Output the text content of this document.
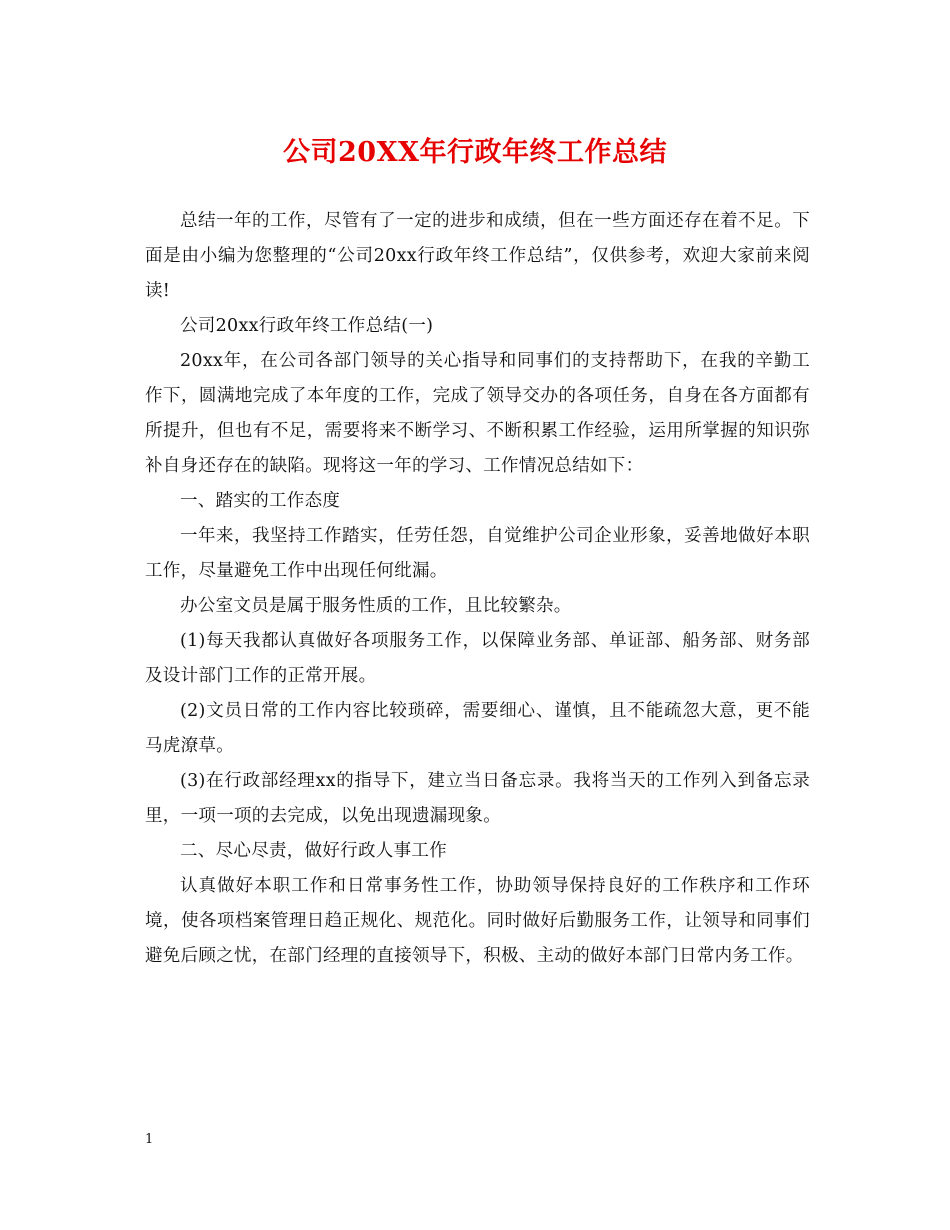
公司20XX年行政年终工作总结

总结一年的工作，尽管有了一定的进步和成绩，但在一些方面还存在着不足。下面是由小编为您整理的“公司20xx行政年终工作总结”，仅供参考，欢迎大家前来阅读!

公司20xx行政年终工作总结(一)

20xx年，在公司各部门领导的关心指导和同事们的支持帮助下，在我的辛勤工作下，圆满地完成了本年度的工作，完成了领导交办的各项任务，自身在各方面都有所提升，但也有不足，需要将来不断学习、不断积累工作经验，运用所掌握的知识弥补自身还存在的缺陷。现将这一年的学习、工作情况总结如下：

一、踏实的工作态度

一年来，我坚持工作踏实，任劳任怨，自觉维护公司企业形象，妥善地做好本职工作，尽量避免工作中出现任何纰漏。

办公室文员是属于服务性质的工作，且比较繁杂。

(1)每天我都认真做好各项服务工作，以保障业务部、单证部、船务部、财务部及设计部门工作的正常开展。

(2)文员日常的工作内容比较琐碎，需要细心、谨慎，且不能疏忽大意，更不能马虎潦草。

(3)在行政部经理xx的指导下，建立当日备忘录。我将当天的工作列入到备忘录里，一项一项的去完成，以免出现遗漏现象。

二、尽心尽责，做好行政人事工作

认真做好本职工作和日常事务性工作，协助领导保持良好的工作秩序和工作环境，使各项档案管理日趋正规化、规范化。同时做好后勤服务工作，让领导和同事们避免后顾之忧，在部门经理的直接领导下，积极、主动的做好本部门日常内务工作。

1
